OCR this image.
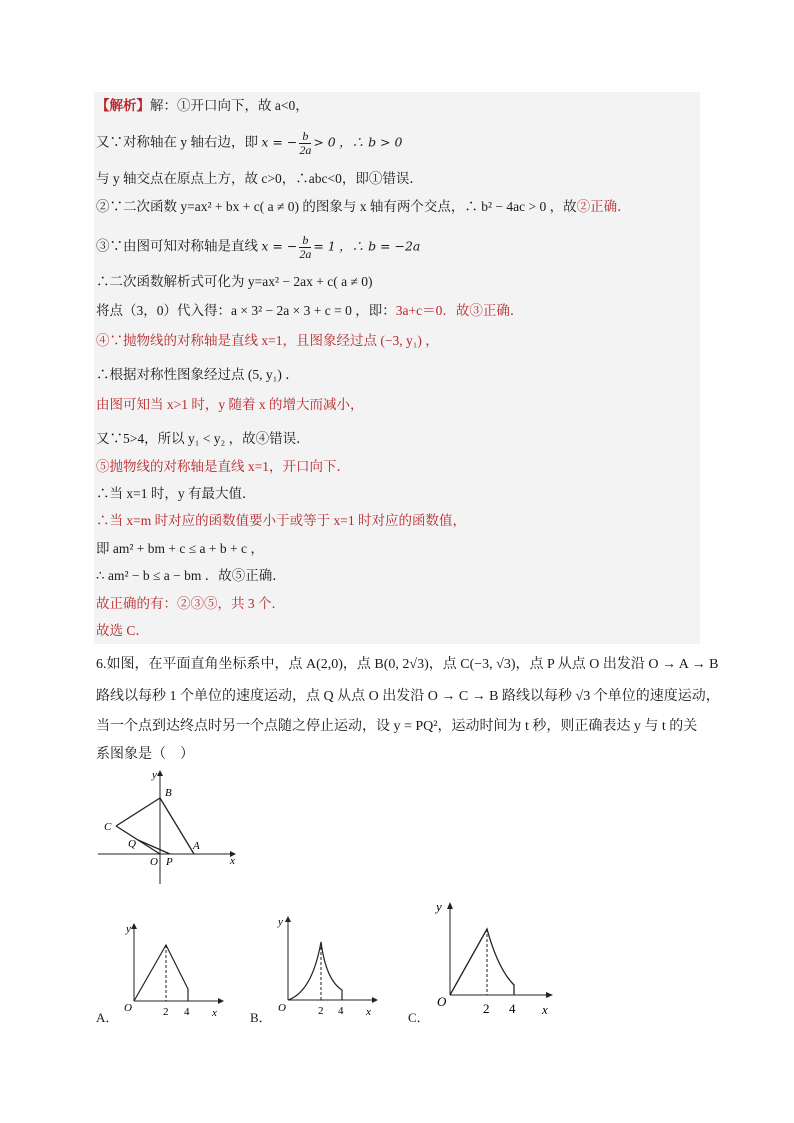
【解析】解：①开口向下，故 a<0，
又∵对称轴在 y 轴右边，即 x = − $\frac{b}{2a} > 0$ ，∴ b > 0
与 y 轴交点在原点上方，故 c>0，∴abc<0，即①错误．
②∵二次函数 y=ax² + bx + c( a ≠ 0) 的图象与 x 轴有两个交点，∴ b² − 4ac > 0 ，故②正确．
③∵由图可知对称轴是直线 x = − $\frac{b}{2a} = 1$ ，∴ b = −2a
∴二次函数解析式可化为 y=ax² − 2ax + c( a ≠ 0)
将点（3，0）代入得：a × 3² − 2a × 3 + c = 0 ，即：3a+c＝0．故③正确．
④∵抛物线的对称轴是直线 x=1，且图象经过点 (−3, y₁) ，
∴根据对称性图象经过点 (5, y₁) ．
由图可知当 x>1 时，y 随着 x 的增大而减小，
又∵5>4，所以 y₁ < y₂ ，故④错误．
⑤抛物线的对称轴是直线 x=1，开口向下．
∴当 x=1 时，y 有最大值．
∴当 x=m 时对应的函数值要小于或等于 x=1 时对应的函数值，
即 am² + bm + c ≤ a + b + c ，
∴ am² − b ≤ a − bm ．故⑤正确．
故正确的有：②③⑤，共 3 个．
故选 C．
6.如图，在平面直角坐标系中，点 A(2,0)，点 B(0, 2√3)，点 C(−3, √3)，点 P 从点 O 出发沿 O → A → B
路线以每秒 1 个单位的速度运动，点 Q 从点 O 出发沿 O → C → B 路线以每秒 √3 个单位的速度运动，
当一个点到达终点时另一个点随之停止运动，设 y = PQ²，运动时间为 t 秒，则正确表达 y 与 t 的关
系图象是（　）
y
x
B
C
Q
O P
A
A．
y
x
O	2 4	B．
y
x
O	2 4	C．
y
x
O	2 4
